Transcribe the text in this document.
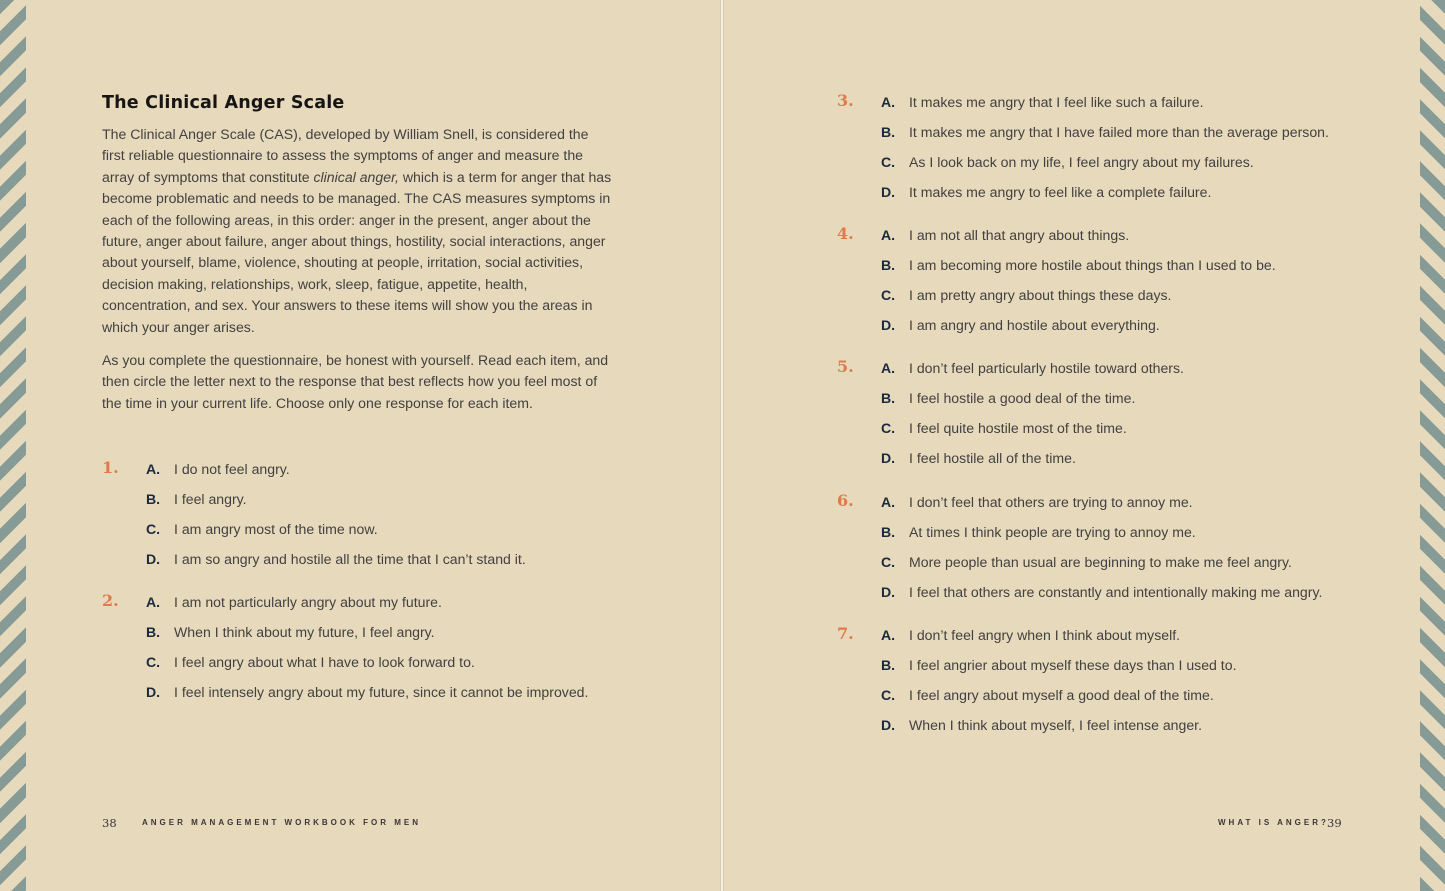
The Clinical Anger Scale

The Clinical Anger Scale (CAS), developed by William Snell, is considered the first reliable questionnaire to assess the symptoms of anger and measure the array of symptoms that constitute clinical anger, which is a term for anger that has become problematic and needs to be managed. The CAS measures symptoms in each of the following areas, in this order: anger in the present, anger about the future, anger about failure, anger about things, hostility, social interactions, anger about yourself, blame, violence, shouting at people, irritation, social activities, decision making, relationships, work, sleep, fatigue, appetite, health, concentration, and sex. Your answers to these items will show you the areas in which your anger arises.

As you complete the questionnaire, be honest with yourself. Read each item, and then circle the letter next to the response that best reflects how you feel most of the time in your current life. Choose only one response for each item.

1. A. I do not feel angry.
B. I feel angry.
C. I am angry most of the time now.
D. I am so angry and hostile all the time that I can’t stand it.
2. A. I am not particularly angry about my future.
B. When I think about my future, I feel angry.
C. I feel angry about what I have to look forward to.
D. I feel intensely angry about my future, since it cannot be improved.
38	ANGER MANAGEMENT WORKBOOK FOR MEN
3. A. It makes me angry that I feel like such a failure.
B. It makes me angry that I have failed more than the average person.
C. As I look back on my life, I feel angry about my failures.
D. It makes me angry to feel like a complete failure.
4. A. I am not all that angry about things.
B. I am becoming more hostile about things than I used to be.
C. I am pretty angry about things these days.
D. I am angry and hostile about everything.
5. A. I don’t feel particularly hostile toward others.
B. I feel hostile a good deal of the time.
C. I feel quite hostile most of the time.
D. I feel hostile all of the time.
6. A. I don’t feel that others are trying to annoy me.
B. At times I think people are trying to annoy me.
C. More people than usual are beginning to make me feel angry.
D. I feel that others are constantly and intentionally making me angry.
7. A. I don’t feel angry when I think about myself.
B. I feel angrier about myself these days than I used to.
C. I feel angry about myself a good deal of the time.
D. When I think about myself, I feel intense anger.
WHAT IS ANGER?
39
